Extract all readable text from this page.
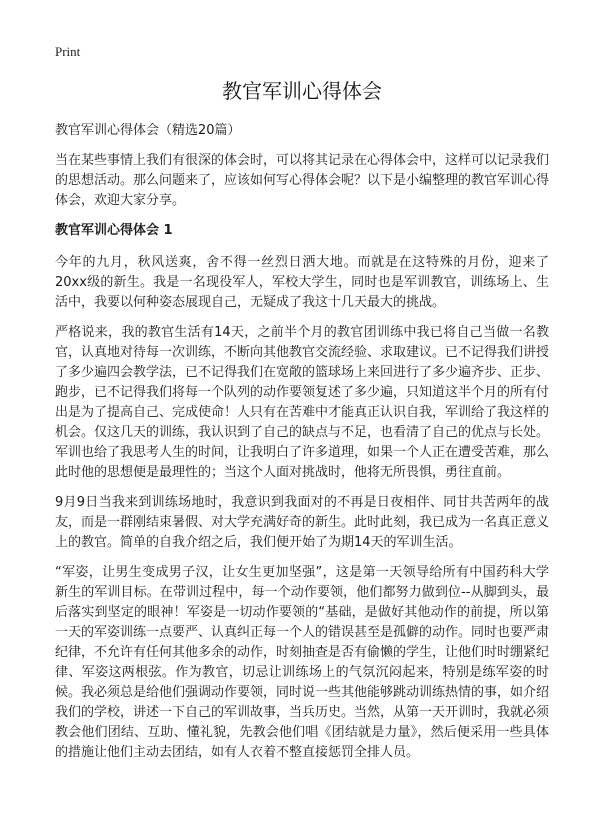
Print
教官军训心得体会

教官军训心得体会（精选20篇）

当在某些事情上我们有很深的体会时，可以将其记录在心得体会中，这样可以记录我们的思想活动。那么问题来了，应该如何写心得体会呢？以下是小编整理的教官军训心得体会，欢迎大家分享。

教官军训心得体会 1

今年的九月，秋风送爽，舍不得一丝烈日洒大地。而就是在这特殊的月份，迎来了20xx级的新生。我是一名现役军人，军校大学生，同时也是军训教官，训练场上、生活中，我要以何种姿态展现自己，无疑成了我这十几天最大的挑战。

严格说来，我的教官生活有14天，之前半个月的教官团训练中我已将自己当做一名教官，认真地对待每一次训练，不断向其他教官交流经验、求取建议。已不记得我们讲授了多少遍四会教学法，已不记得我们在宽敞的篮球场上来回进行了多少遍齐步、正步、跑步，已不记得我们将每一个队列的动作要领复述了多少遍，只知道这半个月的所有付出是为了提高自己、完成使命！人只有在苦难中才能真正认识自我，军训给了我这样的机会。仅这几天的训练，我认识到了自己的缺点与不足，也看清了自己的优点与长处。军训也给了我思考人生的时间，让我明白了许多道理，如果一个人正在遭受苦难，那么此时他的思想便是最理性的；当这个人面对挑战时，他将无所畏惧，勇往直前。

9月9日当我来到训练场地时，我意识到我面对的不再是日夜相伴、同甘共苦两年的战友，而是一群刚结束暑假、对大学充满好奇的新生。此时此刻，我已成为一名真正意义上的教官。简单的自我介绍之后，我们便开始了为期14天的军训生活。

“军姿，让男生变成男子汉，让女生更加坚强”，这是第一天领导给所有中国药科大学新生的军训目标。在带训过程中，每一个动作要领，他们都努力做到位--从脚到头，最后落实到坚定的眼神！军姿是一切动作要领的“基础，是做好其他动作的前提，所以第一天的军姿训练一点要严、认真纠正每一个人的错误甚至是孤僻的动作。同时也要严肃纪律，不允许有任何其他多余的动作，时刻抽查是否有偷懒的学生，让他们时时绷紧纪律、军姿这两根弦。作为教官，切忌让训练场上的气氛沉闷起来，特别是练军姿的时候。我必须总是给他们强调动作要领，同时说一些其他能够跳动训练热情的事，如介绍我们的学校，讲述一下自己的军训故事，当兵历史。当然，从第一天开训时，我就必须教会他们团结、互助、懂礼貌，先教会他们唱《团结就是力量》，然后便采用一些具体的措施让他们主动去团结，如有人衣着不整直接惩罚全排人员。
